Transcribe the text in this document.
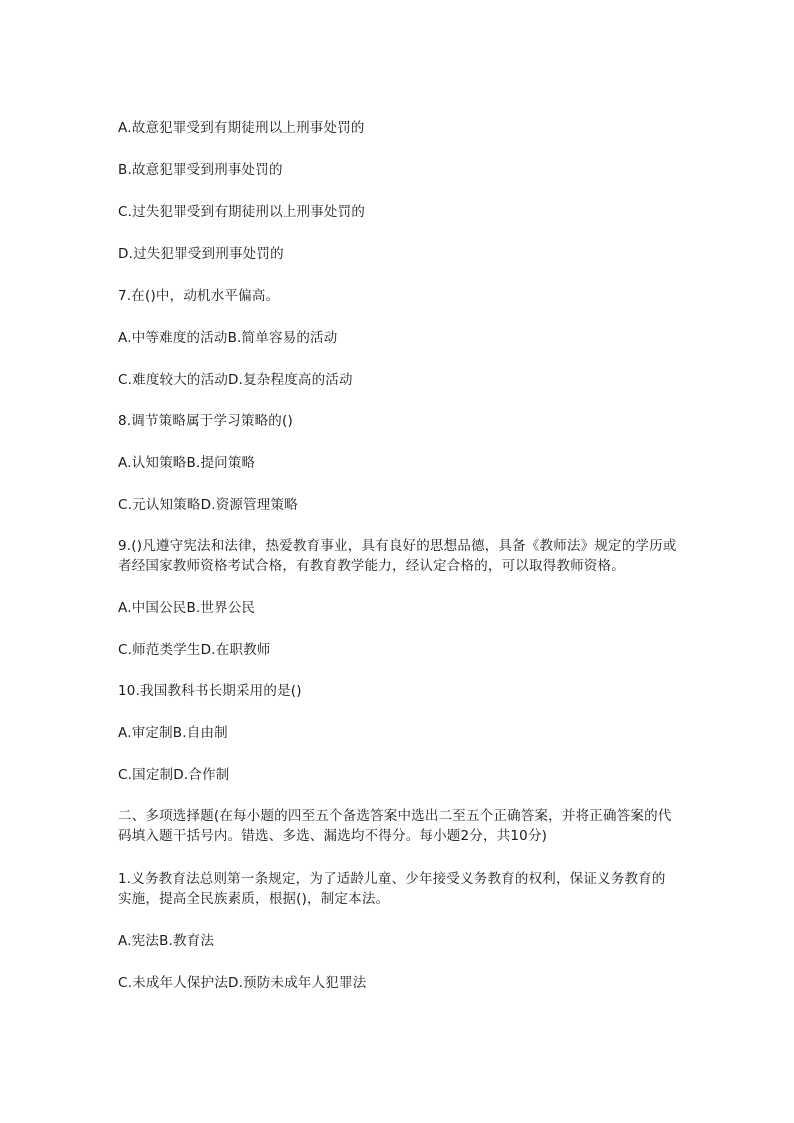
A.故意犯罪受到有期徒刑以上刑事处罚的
B.故意犯罪受到刑事处罚的
C.过失犯罪受到有期徒刑以上刑事处罚的
D.过失犯罪受到刑事处罚的
7.在()中，动机水平偏高。
A.中等难度的活动B.简单容易的活动
C.难度较大的活动D.复杂程度高的活动
8.调节策略属于学习策略的()
A.认知策略B.提问策略
C.元认知策略D.资源管理策略
9.()凡遵守宪法和法律，热爱教育事业，具有良好的思想品德，具备《教师法》规定的学历或者经国家教师资格考试合格，有教育教学能力，经认定合格的，可以取得教师资格。
A.中国公民B.世界公民
C.师范类学生D.在职教师
10.我国教科书长期采用的是()
A.审定制B.自由制
C.国定制D.合作制
二、多项选择题(在每小题的四至五个备选答案中选出二至五个正确答案，并将正确答案的代码填入题干括号内。错选、多选、漏选均不得分。每小题2分，共10分)
1.义务教育法总则第一条规定，为了适龄儿童、少年接受义务教育的权利，保证义务教育的实施，提高全民族素质，根据()，制定本法。
A.宪法B.教育法
C.未成年人保护法D.预防未成年人犯罪法
